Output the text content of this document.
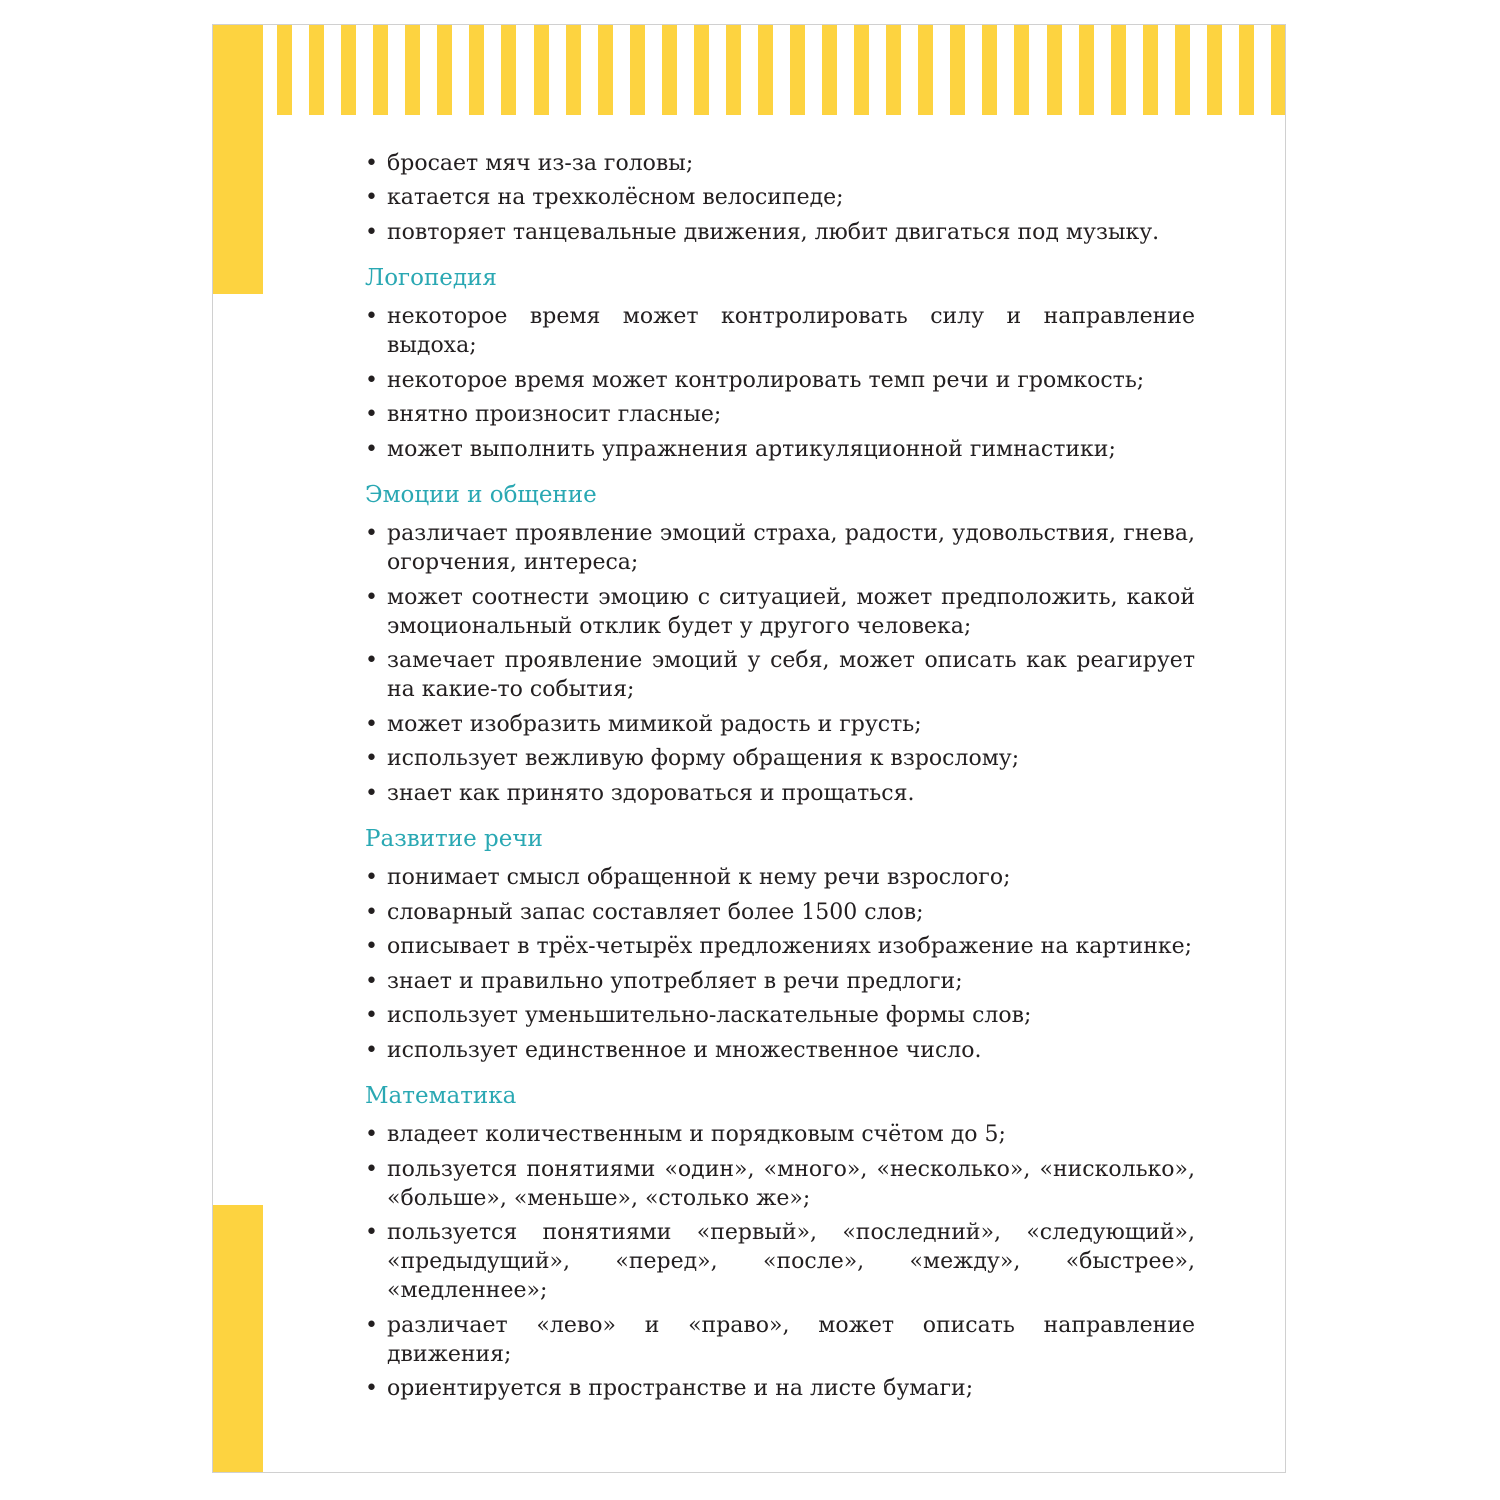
• бросает мяч из-за головы;
• катается на трехколёсном велосипеде;
• повторяет танцевальные движения, любит двигаться под музыку.
Логопедия
• некоторое время может контролировать силу и направление выдоха;
• некоторое время может контролировать темп речи и громкость;
• внятно произносит гласные;
• может выполнить упражнения артикуляционной гимнастики;
Эмоции и общение
• различает проявление эмоций страха, радости, удовольствия, гнева, огорчения, интереса;
• может соотнести эмоцию с ситуацией, может предположить, какой эмоциональный отклик будет у другого человека;
• замечает проявление эмоций у себя, может описать как реагирует на какие-то события;
• может изобразить мимикой радость и грусть;
• использует вежливую форму обращения к взрослому;
• знает как принято здороваться и прощаться.
Развитие речи
• понимает смысл обращенной к нему речи взрослого;
• словарный запас составляет более 1500 слов;
• описывает в трёх-четырёх предложениях изображение на картинке;
• знает и правильно употребляет в речи предлоги;
• использует уменьшительно-ласкательные формы слов;
• использует единственное и множественное число.
Математика
• владеет количественным и порядковым счётом до 5;
• пользуется понятиями «один», «много», «несколько», «нисколько», «больше», «меньше», «столько же»;
• пользуется понятиями «первый», «последний», «следующий», «предыдущий», «перед», «после», «между», «быстрее», «медленнее»;
• различает «лево» и «право», может описать направление движения;
• ориентируется в пространстве и на листе бумаги;
